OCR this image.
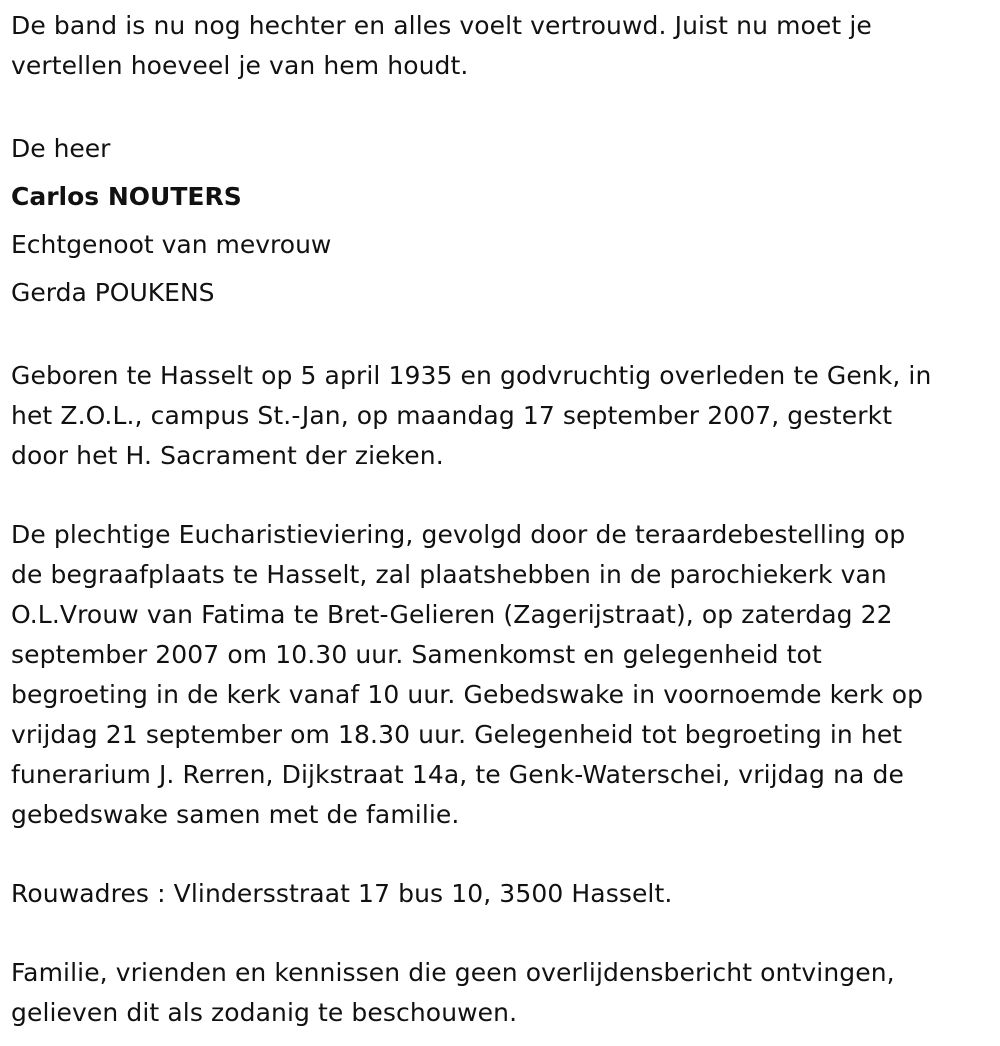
De band is nu nog hechter en alles voelt vertrouwd. Juist nu moet je
vertellen hoeveel je van hem houdt.

De heer
Carlos NOUTERS
Echtgenoot van mevrouw
Gerda POUKENS

Geboren te Hasselt op 5 april 1935 en godvruchtig overleden te Genk, in
het Z.O.L., campus St.-Jan, op maandag 17 september 2007, gesterkt
door het H. Sacrament der zieken.

De plechtige Eucharistieviering, gevolgd door de teraardebestelling op
de begraafplaats te Hasselt, zal plaatshebben in de parochiekerk van
O.L.Vrouw van Fatima te Bret-Gelieren (Zagerijstraat), op zaterdag 22
september 2007 om 10.30 uur. Samenkomst en gelegenheid tot
begroeting in de kerk vanaf 10 uur. Gebedswake in voornoemde kerk op
vrijdag 21 september om 18.30 uur. Gelegenheid tot begroeting in het
funerarium J. Rerren, Dijkstraat 14a, te Genk-Waterschei, vrijdag na de
gebedswake samen met de familie.

Rouwadres : Vlindersstraat 17 bus 10, 3500 Hasselt.

Familie, vrienden en kennissen die geen overlijdensbericht ontvingen,
gelieven dit als zodanig te beschouwen.
